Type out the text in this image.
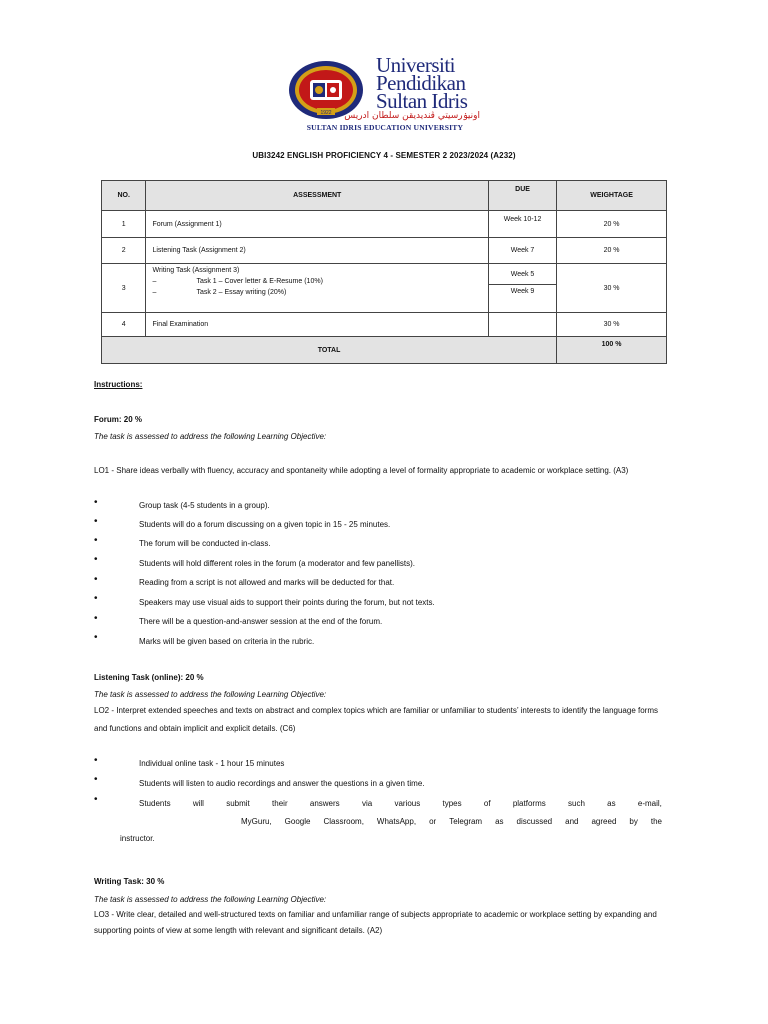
1922
Universiti
Pendidikan
Sultan Idris
اونيۏرسيتي ڤنديديقن سلطان ادريس
SULTAN IDRIS EDUCATION UNIVERSITY
UBI3242 ENGLISH PROFICIENCY 4 - SEMESTER 2 2023/2024 (A232)
NO.	ASSESSMENT	DUE	WEIGHTAGE
1	Forum (Assignment 1)	Week 10-12	20 %
2	Listening Task (Assignment 2)	Week 7	20 %
3	Writing Task (Assignment 3)
– Task 1 – Cover letter & E-Resume (10%)
– Task 2 – Essay writing (20%)	Week 5	30 %
		Week 9	
4	Final Examination		30 %
TOTAL			100 %
Instructions:
Forum: 20 %
The task is assessed to address the following Learning Objective:
LO1 - Share ideas verbally with fluency, accuracy and spontaneity while adopting a level of formality appropriate to academic or workplace setting. (A3)
•	Group task (4-5 students in a group).
•	Students will do a forum discussing on a given topic in 15 - 25 minutes.
•	The forum will be conducted in-class.
•	Students will hold different roles in the forum (a moderator and few panellists).
•	Reading from a script is not allowed and marks will be deducted for that.
•	Speakers may use visual aids to support their points during the forum, but not texts.
•	There will be a question-and-answer session at the end of the forum.
•	Marks will be given based on criteria in the rubric.
Listening Task (online): 20 %
The task is assessed to address the following Learning Objective:
LO2 - Interpret extended speeches and texts on abstract and complex topics which are familiar or unfamiliar to students’ interests to identify the language forms
and functions and obtain implicit and explicit details. (C6)
•	Individual online task - 1 hour 15 minutes
•	Students will listen to audio recordings and answer the questions in a given time.
•	Students	will	submit	their	answers	via	various	types	of	platforms	such	as	e-mail,
MyGuru, Google Classroom, WhatsApp, or Telegram as discussed and agreed by the
instructor.
Writing Task: 30 %
The task is assessed to address the following Learning Objective:
LO3 - Write clear, detailed and well-structured texts on familiar and unfamiliar range of subjects appropriate to academic or workplace setting by expanding and
supporting points of view at some length with relevant and significant details. (A2)
